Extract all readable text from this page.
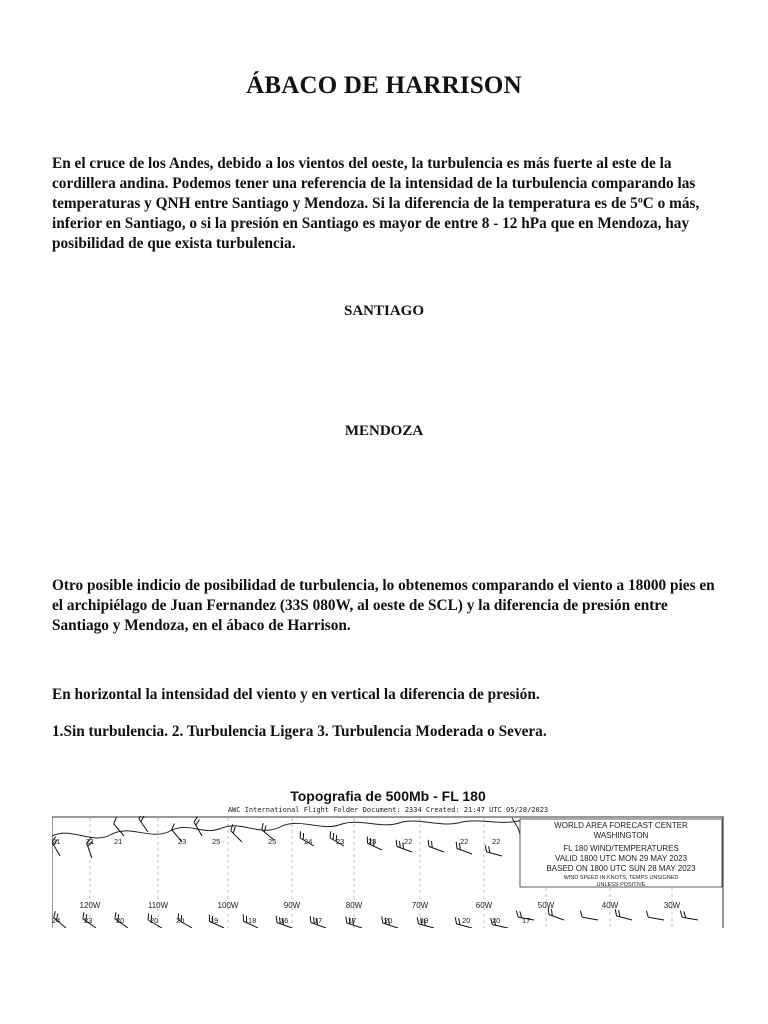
ÁBACO DE HARRISON
En el cruce de los Andes, debido a los vientos del oeste, la turbulencia es más fuerte al este de la cordillera andina. Podemos tener una referencia de la intensidad de la turbulencia comparando las temperaturas y QNH entre Santiago y Mendoza. Si la diferencia de la temperatura es de 5ºC o más, inferior en Santiago, o si la presión en Santiago es mayor de entre 8 - 12 hPa que en Mendoza, hay posibilidad de que exista turbulencia.
SANTIAGO
MENDOZA
Otro posible indicio de posibilidad de turbulencia, lo obtenemos comparando el viento a 18000 pies en el archipiélago de Juan Fernandez (33S 080W, al oeste de SCL) y la diferencia de presión entre Santiago y Mendoza, en el ábaco de Harrison.
En horizontal la intensidad del viento y en vertical la diferencia de presión.
1.Sin turbulencia. 2. Turbulencia Ligera 3. Turbulencia Moderada o Severa.
Topografia de 500Mb - FL 180
AWC International Flight Folder Document: 2334 Created: 21:47 UTC 05/28/2023
21	21	21	23	25	25	24	23	23	22	22	22
24	23	20	20 20	19	18	16	17	17	20	19	20	20	17
120W	110W	100W	90W	80W	70W	60W	50W	40W	30W
WORLD AREA FORECAST CENTER
WASHINGTON
FL 180 WIND/TEMPERATURES
VALID 1800 UTC MON 29 MAY 2023
BASED ON 1800 UTC SUN 28 MAY 2023
WIND SPEED IN KNOTS, TEMPS UNSIGNED
UNLESS POSITIVE
